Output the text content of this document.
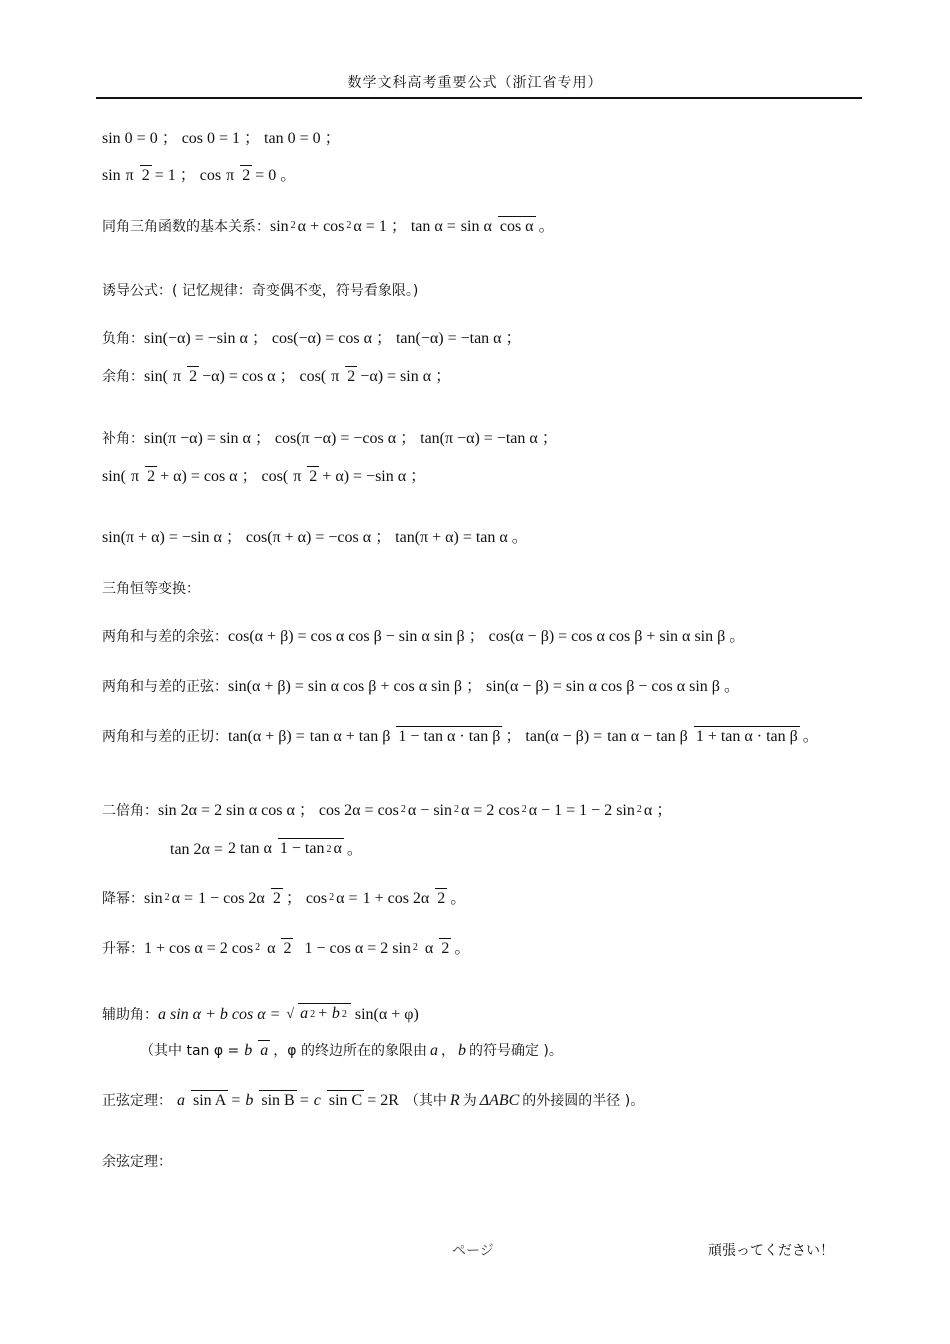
数学文科高考重要公式（浙江省专用）
sin 0 = 0 ； cos 0 = 1 ； tan 0 = 0 ；
sin π 2 = 1 ； cos π 2 = 0 。
同角三角函数的基本关系： $\sin^2 \alpha + \cos^2 \alpha = 1$ ； tan α = sin α cos α 。
诱导公式：( 记忆规律：奇变偶不变，符号看象限。)
负角： sin(−α) = −sin α ； cos(−α) = cos α ； tan(−α) = −tan α ；
余角： sin( π 2 −α) = cos α ； cos( π 2 −α) = sin α ；
补角： sin(π −α) = sin α ； cos(π −α) = −cos α ； tan(π −α) = −tan α ；
sin( π 2 + α) = cos α ； cos( π 2 + α) = −sin α ；
sin(π + α) = −sin α ； cos(π + α) = −cos α ； tan(π + α) = tan α 。
三角恒等变换：
两角和与差的余弦： cos(α + β) = cos α cos β − sin α sin β ； cos(α − β) = cos α cos β + sin α sin β 。
两角和与差的正弦： sin(α + β) = sin α cos β + cos α sin β ； sin(α − β) = sin α cos β − cos α sin β 。
两角和与差的正切： tan(α + β) = tan α + tan β 1 − tan α · tan β ； tan(α − β) = tan α − tan β 1 + tan α · tan β 。
二倍角： sin 2α = 2 sin α cos α ； $\cos 2\alpha = \cos^2 \alpha - \sin^2 \alpha = 2$ $\cos^2 \alpha - 1 = 1 - 2$ $\sin^2 \alpha$ ；
tan 2α = 2 tan α 1 − tan $^2$ α 。
降幂： $\sin^2 \alpha = 1 - \cos 2\alpha$ 2 ； $\cos^2 \alpha = 1 + \cos 2\alpha$ 2 。
升幂： 1 + cos α = 2 $\cos^2 \alpha$ 2 1 − cos α = 2 $\sin^2 \alpha$ 2 。
辅助角： a sin α + b cos α = √ a $^2$ + b $^2$ sin(α + φ)
（其中 tan φ = b a ，φ 的终边所在的象限由 a ， b 的符号确定 )。
正弦定理： a sin A = b sin B = c sin C = 2R （其中 R 为 ΔABC 的外接圆的半径 )。
余弦定理：
ページ	頑張ってください！
